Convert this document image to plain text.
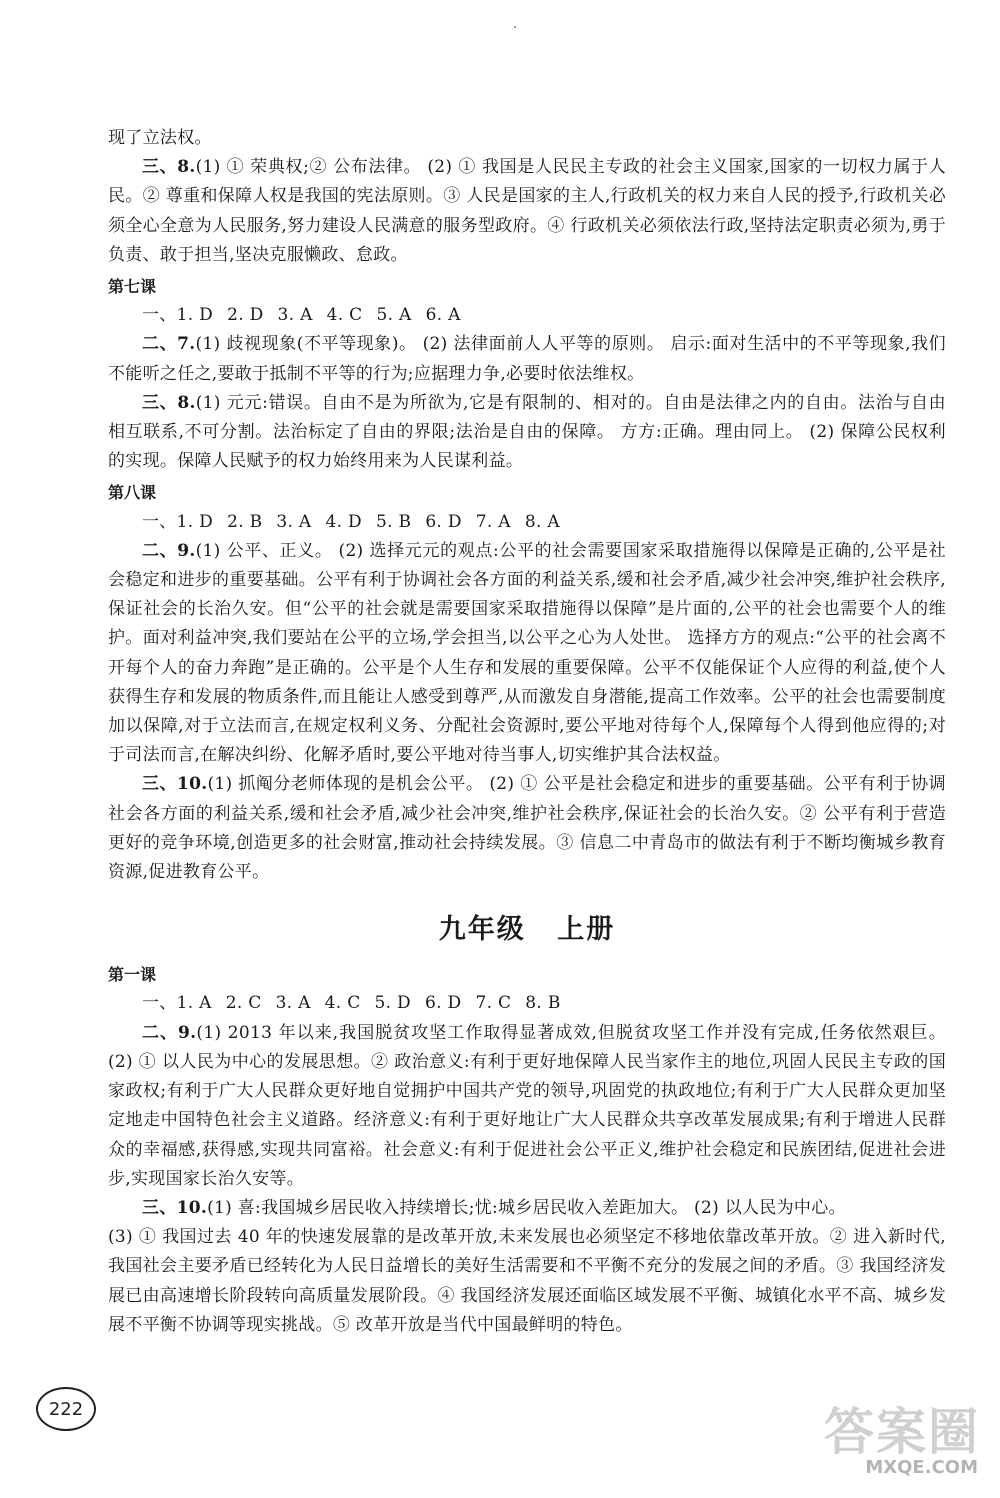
现了立法权。

三、8.(1) ① 荣典权;② 公布法律。 (2) ① 我国是人民民主专政的社会主义国家,国家的一切权力属于人民。② 尊重和保障人权是我国的宪法原则。③ 人民是国家的主人,行政机关的权力来自人民的授予,行政机关必须全心全意为人民服务,努力建设人民满意的服务型政府。④ 行政机关必须依法行政,坚持法定职责必须为,勇于负责、敢于担当,坚决克服懒政、怠政。

第七课

一、1. D 2. D 3. A 4. C 5. A 6. A

二、7.(1) 歧视现象(不平等现象)。 (2) 法律面前人人平等的原则。 启示:面对生活中的不平等现象,我们不能听之任之,要敢于抵制不平等的行为;应据理力争,必要时依法维权。

三、8.(1) 元元:错误。自由不是为所欲为,它是有限制的、相对的。自由是法律之内的自由。法治与自由相互联系,不可分割。法治标定了自由的界限;法治是自由的保障。 方方:正确。理由同上。 (2) 保障公民权利的实现。保障人民赋予的权力始终用来为人民谋利益。

第八课

一、1. D 2. B 3. A 4. D 5. B 6. D 7. A 8. A

二、9.(1) 公平、正义。 (2) 选择元元的观点:公平的社会需要国家采取措施得以保障是正确的,公平是社会稳定和进步的重要基础。公平有利于协调社会各方面的利益关系,缓和社会矛盾,减少社会冲突,维护社会秩序,保证社会的长治久安。但“公平的社会就是需要国家采取措施得以保障”是片面的,公平的社会也需要个人的维护。面对利益冲突,我们要站在公平的立场,学会担当,以公平之心为人处世。 选择方方的观点:“公平的社会离不开每个人的奋力奔跑”是正确的。公平是个人生存和发展的重要保障。公平不仅能保证个人应得的利益,使个人获得生存和发展的物质条件,而且能让人感受到尊严,从而激发自身潜能,提高工作效率。公平的社会也需要制度加以保障,对于立法而言,在规定权利义务、分配社会资源时,要公平地对待每个人,保障每个人得到他应得的;对于司法而言,在解决纠纷、化解矛盾时,要公平地对待当事人,切实维护其合法权益。

三、10.(1) 抓阄分老师体现的是机会公平。 (2) ① 公平是社会稳定和进步的重要基础。公平有利于协调社会各方面的利益关系,缓和社会矛盾,减少社会冲突,维护社会秩序,保证社会的长治久安。② 公平有利于营造更好的竞争环境,创造更多的社会财富,推动社会持续发展。③ 信息二中青岛市的做法有利于不断均衡城乡教育资源,促进教育公平。

九年级 上册

第一课

一、1. A 2. C 3. A 4. C 5. D 6. D 7. C 8. B

二、9.(1) 2013 年以来,我国脱贫攻坚工作取得显著成效,但脱贫攻坚工作并没有完成,任务依然艰巨。 (2) ① 以人民为中心的发展思想。② 政治意义:有利于更好地保障人民当家作主的地位,巩固人民民主专政的国家政权;有利于广大人民群众更好地自觉拥护中国共产党的领导,巩固党的执政地位;有利于广大人民群众更加坚定地走中国特色社会主义道路。经济意义:有利于更好地让广大人民群众共享改革发展成果;有利于增进人民群众的幸福感,获得感,实现共同富裕。社会意义:有利于促进社会公平正义,维护社会稳定和民族团结,促进社会进步,实现国家长治久安等。

三、10.(1) 喜:我国城乡居民收入持续增长;忧:城乡居民收入差距加大。 (2) 以人民为中心。

(3) ① 我国过去 40 年的快速发展靠的是改革开放,未来发展也必须坚定不移地依靠改革开放。② 进入新时代,我国社会主要矛盾已经转化为人民日益增长的美好生活需要和不平衡不充分的发展之间的矛盾。③ 我国经济发展已由高速增长阶段转向高质量发展阶段。④ 我国经济发展还面临区域发展不平衡、城镇化水平不高、城乡发展不平衡不协调等现实挑战。⑤ 改革开放是当代中国最鲜明的特色。

222	答案圈
MXQE.COM
